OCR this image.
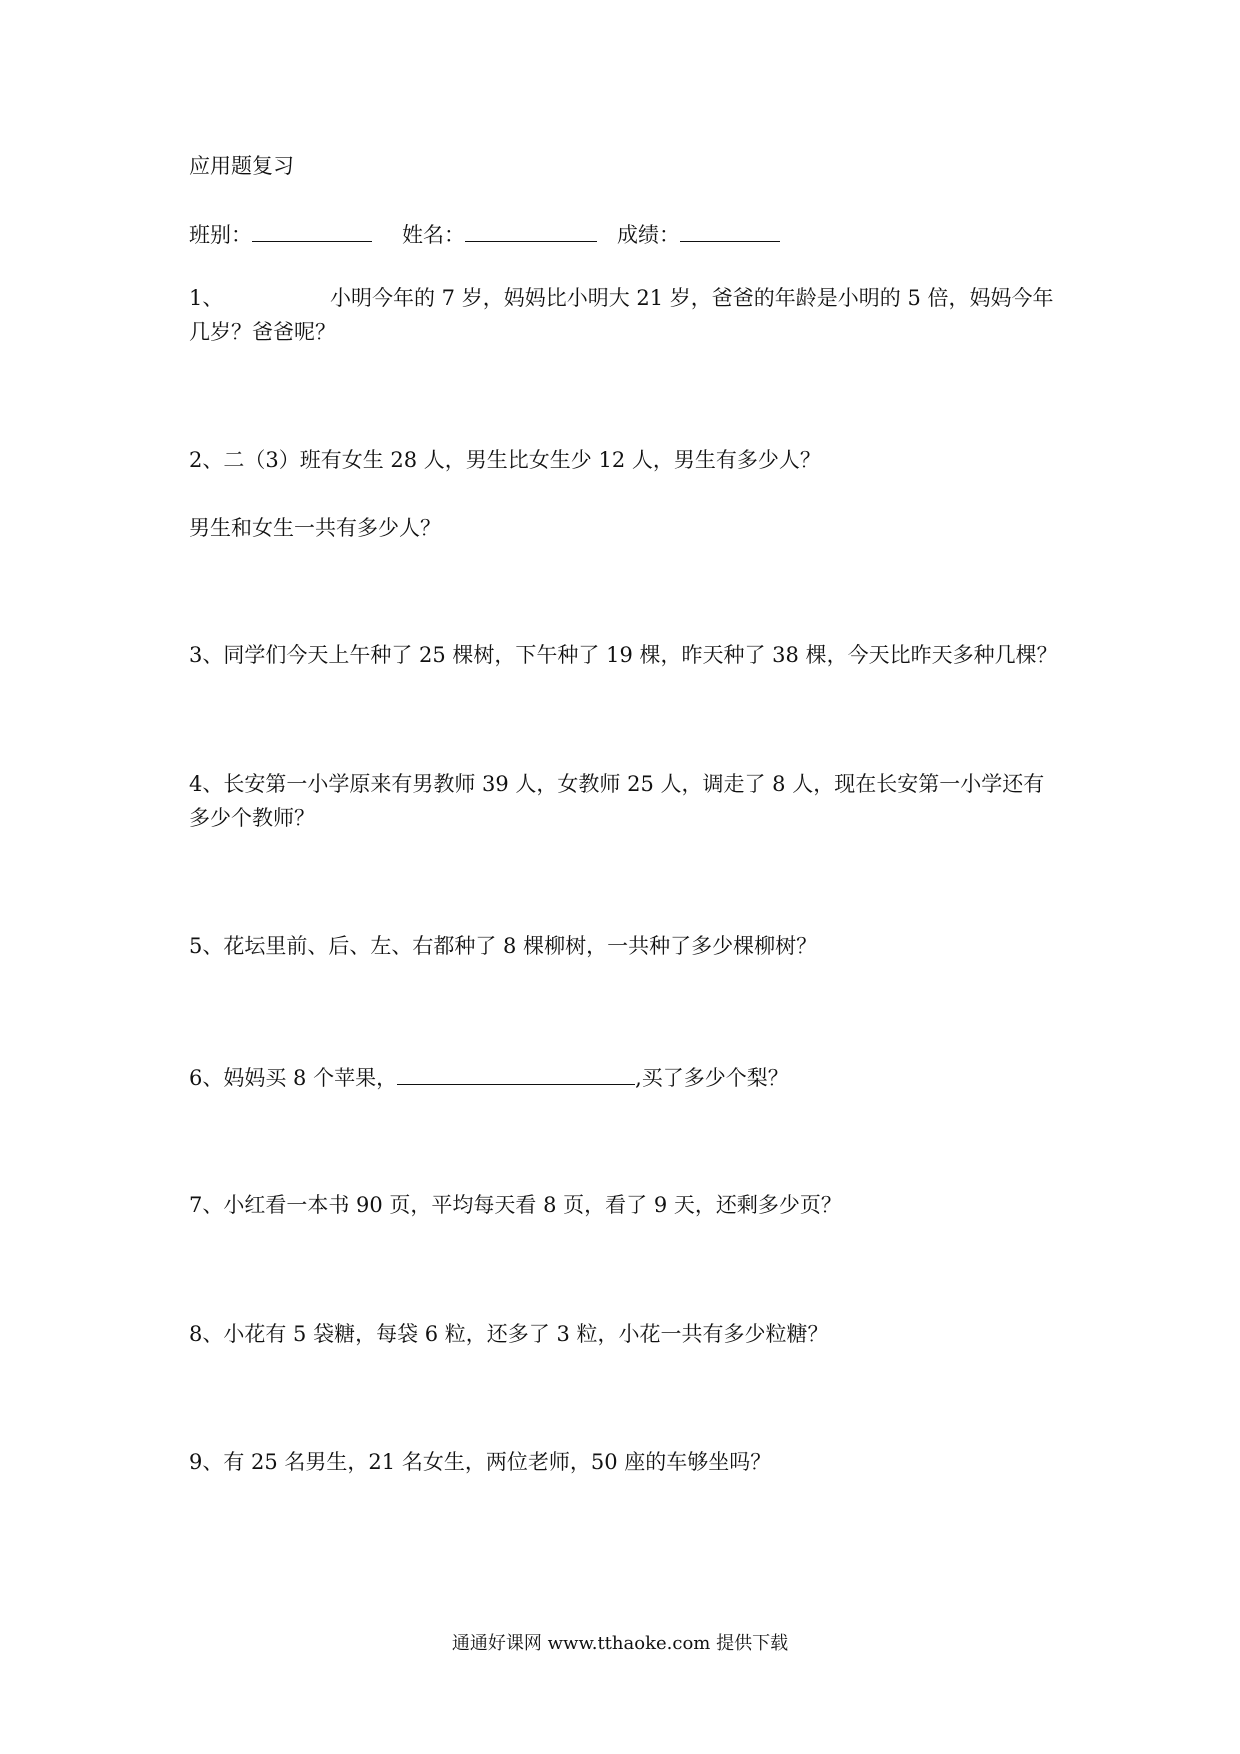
应用题复习
班别：	姓名：	成绩：
1、	小明今年的 7 岁，妈妈比小明大 21 岁，爸爸的年龄是小明的 5 倍，妈妈今年
几岁？爸爸呢？
2、二（3）班有女生 28 人，男生比女生少 12 人，男生有多少人？
男生和女生一共有多少人？
3、同学们今天上午种了 25 棵树，下午种了 19 棵，昨天种了 38 棵，今天比昨天多种几棵？
4、长安第一小学原来有男教师 39 人，女教师 25 人，调走了 8 人，现在长安第一小学还有
多少个教师？
5、花坛里前、后、左、右都种了 8 棵柳树，一共种了多少棵柳树？
6、妈妈买 8 个苹果，	,买了多少个梨？
7、小红看一本书 90 页，平均每天看 8 页，看了 9 天，还剩多少页？
8、小花有 5 袋糖，每袋 6 粒，还多了 3 粒，小花一共有多少粒糖？
9、有 25 名男生，21 名女生，两位老师，50 座的车够坐吗？
通通好课网 www.tthaoke.com 提供下载
